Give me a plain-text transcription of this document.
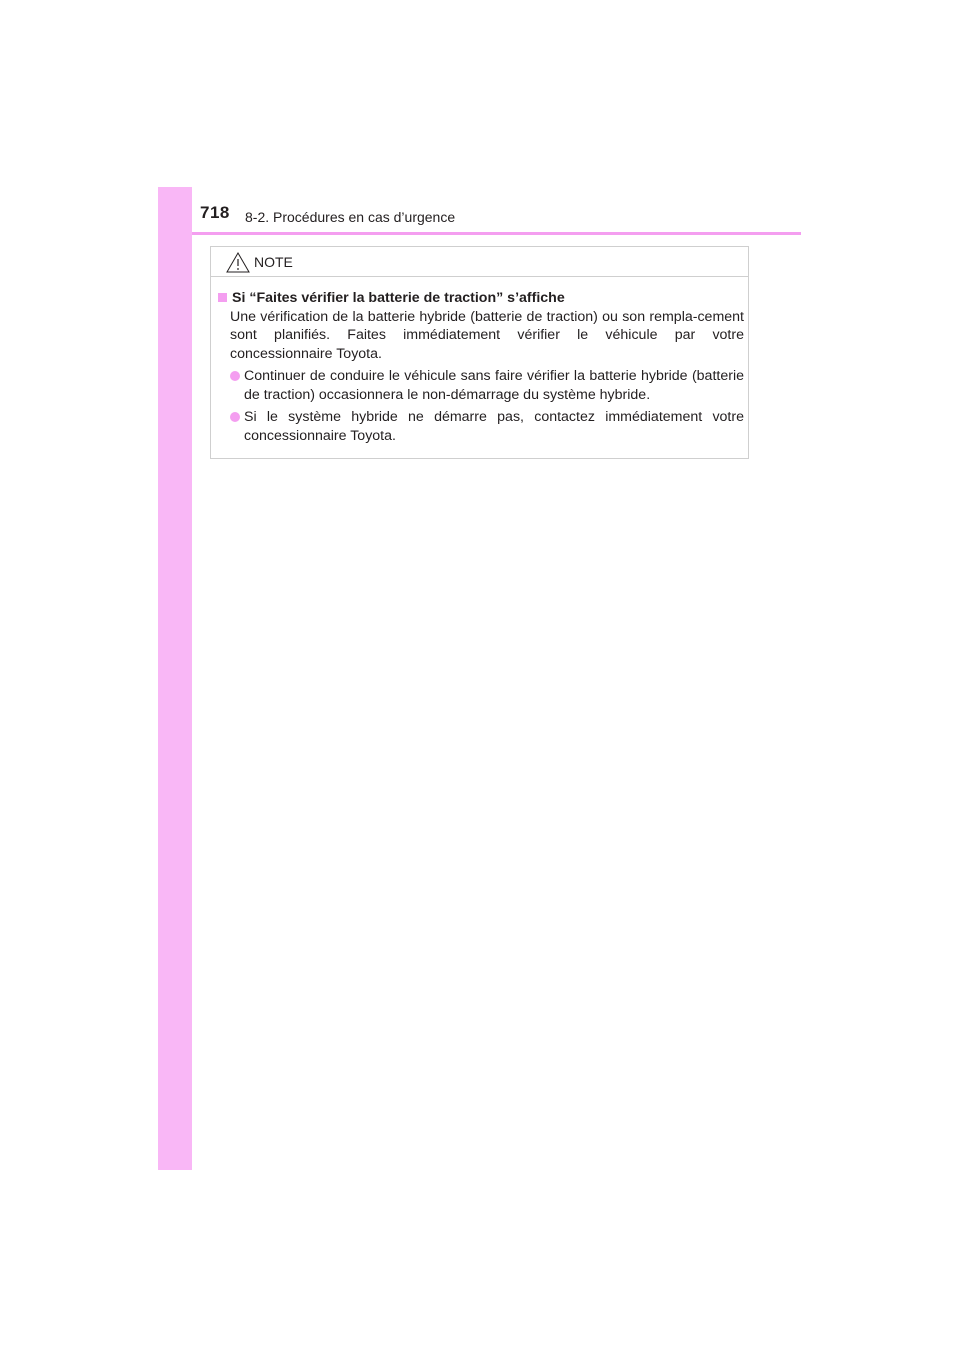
718 8-2. Procédures en cas d’urgence
NOTE
Si “Faites vérifier la batterie de traction” s’affiche
Une vérification de la batterie hybride (batterie de traction) ou son rempla-cement sont planifiés. Faites immédiatement vérifier le véhicule par votre concessionnaire Toyota.
Continuer de conduire le véhicule sans faire vérifier la batterie hybride (batterie de traction) occasionnera le non-démarrage du système hybride.
Si le système hybride ne démarre pas, contactez immédiatement votre concessionnaire Toyota.
